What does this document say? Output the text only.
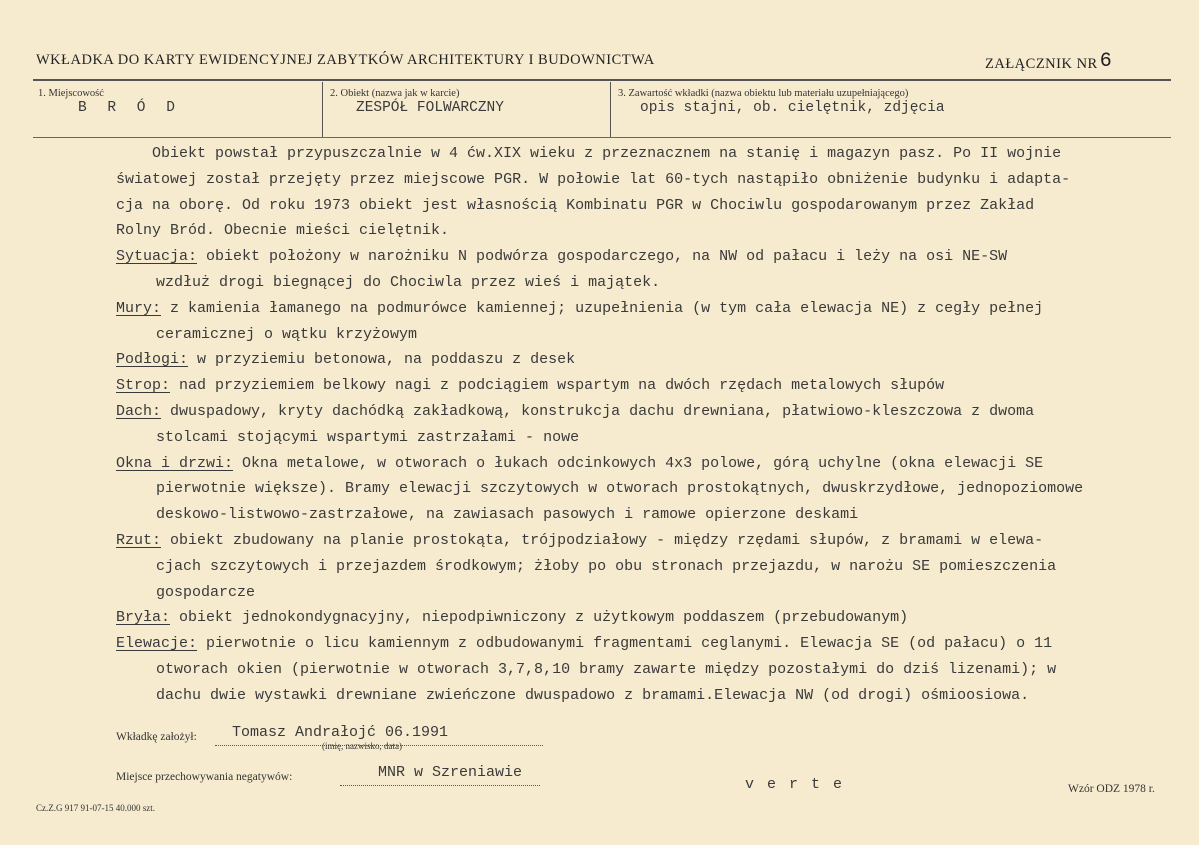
WKŁADKA DO KARTY EWIDENCYJNEJ ZABYTKÓW ARCHITEKTURY I BUDOWNICTWA	ZAŁĄCZNIK NR 6
1. Miejscowość
B R Ó D
2. Obiekt (nazwa jak w karcie)
ZESPÓŁ FOLWARCZNY
3. Zawartość wkładki (nazwa obiektu lub materiału uzupełniającego)
opis stajni, ob. cielętnik, zdjęcia
Obiekt powstał przypuszczalnie w 4 ćw.XIX wieku z przeznacznem na stanię i magazyn pasz. Po II wojnie
światowej został przejęty przez miejscowe PGR. W połowie lat 60-tych nastąpiło obniżenie budynku i adapta-
cja na oborę. Od roku 1973 obiekt jest własnością Kombinatu PGR w Chociwlu gospodarowanym przez Zakład
Rolny Bród. Obecnie mieści cielętnik.
Sytuacja: obiekt położony w narożniku N podwórza gospodarczego, na NW od pałacu i leży na osi NE-SW
wzdłuż drogi biegnącej do Chociwla przez wieś i majątek.
Mury: z kamienia łamanego na podmurówce kamiennej; uzupełnienia (w tym cała elewacja NE) z cegły pełnej
ceramicznej o wątku krzyżowym
Podłogi: w przyziemiu betonowa, na poddaszu z desek
Strop: nad przyziemiem belkowy nagi z podciągiem wspartym na dwóch rzędach metalowych słupów
Dach: dwuspadowy, kryty dachódką zakładkową, konstrukcja dachu drewniana, płatwiowo-kleszczowa z dwoma
stolcami stojącymi wspartymi zastrzałami - nowe
Okna i drzwi: Okna metalowe, w otworach o łukach odcinkowych 4x3 polowe, górą uchylne (okna elewacji SE
pierwotnie większe). Bramy elewacji szczytowych w otworach prostokątnych, dwuskrzydłowe, jednopoziomowe
deskowo-listwowo-zastrzałowe, na zawiasach pasowych i ramowe opierzone deskami
Rzut: obiekt zbudowany na planie prostokąta, trójpodziałowy - między rzędami słupów, z bramami w elewa-
cjach szczytowych i przejazdem środkowym; żłoby po obu stronach przejazdu, w narożu SE pomieszczenia
gospodarcze
Bryła: obiekt jednokondygnacyjny, niepodpiwniczony z użytkowym poddaszem (przebudowanym)
Elewacje: pierwotnie o licu kamiennym z odbudowanymi fragmentami ceglanymi. Elewacja SE (od pałacu) o 11
otworach okien (pierwotnie w otworach 3,7,8,10 bramy zawarte między pozostałymi do dziś lizenami); w
dachu dwie wystawki drewniane zwieńczone dwuspadowo z bramami.Elewacja NW (od drogi) ośmioosiowa.
Wkładkę założył: Tomasz Andrałojć 06.1991
(imię, nazwisko, data)
Miejsce przechowywania negatywów:	MNR w Szreniawie
v e r t e	Wzór ODZ 1978 r.
Cz.Z.G 917 91-07-15 40.000 szt.
